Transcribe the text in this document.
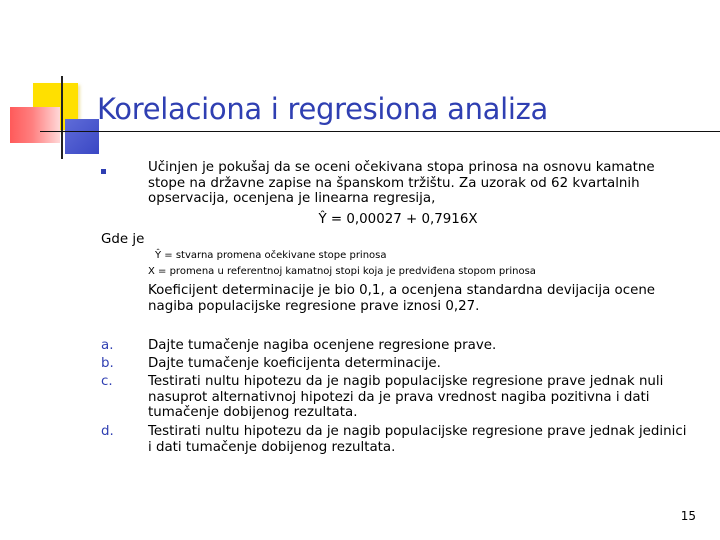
Korelaciona i regresiona analiza
Učinjen je pokušaj da se oceni očekivana stopa prinosa na osnovu kamatne stope na državne zapise na španskom tržištu. Za uzorak od 62 kvartalnih opservacija, ocenjena je linearna regresija,
Ŷ = 0,00027 + 0,7916X
Gde je
Ŷ = stvarna promena očekivane stope prinosa
X = promena u referentnoj kamatnoj stopi koja je predviđena stopom prinosa
Koeficijent determinacije je bio 0,1, a ocenjena standardna devijacija ocene nagiba populacijske regresione prave iznosi 0,27.
a.	Dajte tumačenje nagiba ocenjene regresione prave.
b.	Dajte tumačenje koeficijenta determinacije.
c.	Testirati nultu hipotezu da je nagib populacijske regresione prave jednak nuli nasuprot alternativnoj hipotezi da je prava vrednost nagiba pozitivna i dati tumačenje dobijenog rezultata.
d.	Testirati nultu hipotezu da je nagib populacijske regresione prave jednak jedinici i dati tumačenje dobijenog rezultata.
15
